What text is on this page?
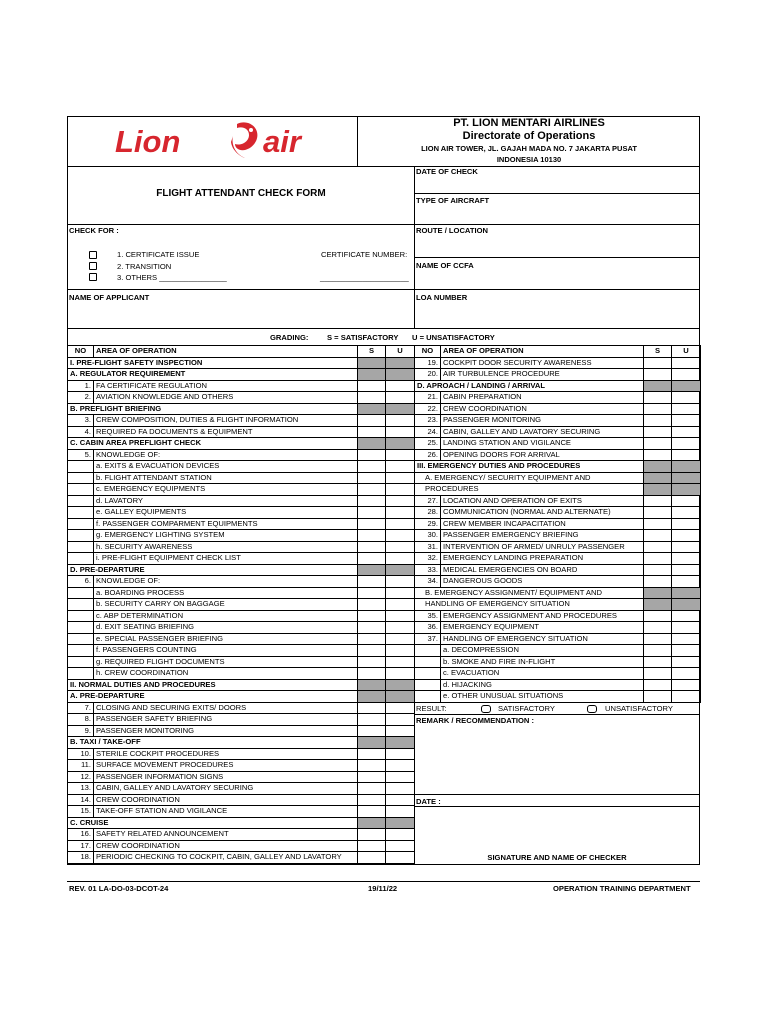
Lion	air
PT. LION MENTARI AIRLINES
Directorate of Operations
LION AIR TOWER, JL. GAJAH MADA NO. 7 JAKARTA PUSAT
INDONESIA 10130
FLIGHT ATTENDANT CHECK FORM
CHECK FOR :
1. CERTIFICATE ISSUE
2. TRANSITION
3. OTHERS ________________
CERTIFICATE NUMBER:
_____________________
NAME OF APPLICANT
DATE OF CHECK
TYPE OF AIRCRAFT
ROUTE / LOCATION
NAME OF CCFA
LOA NUMBER
GRADING: S = SATISFACTORY U = UNSATISFACTORY
NO	AREA OF OPERATION	S	U
I. PRE-FLIGHT SAFETY INSPECTION			
A. REGULATOR REQUIREMENT			
1.	FA CERTIFICATE REGULATION		
2.	AVIATION KNOWLEDGE AND OTHERS		
B. PREFLIGHT BRIEFING			
3.	CREW COMPOSITION, DUTIES & FLIGHT INFORMATION		
4.	REQUIRED FA DOCUMENTS & EQUIPMENT		
C. CABIN AREA PREFLIGHT CHECK			
5.	KNOWLEDGE OF:		
	a. EXITS & EVACUATION DEVICES		
	b. FLIGHT ATTENDANT STATION		
	c. EMERGENCY EQUIPMENTS		
	d. LAVATORY		
	e. GALLEY EQUIPMENTS		
	f. PASSENGER COMPARMENT EQUIPMENTS		
	g. EMERGENCY LIGHTING SYSTEM		
	h. SECURITY AWARENESS		
	i. PRE-FLIGHT EQUIPMENT CHECK LIST		
D. PRE-DEPARTURE			
6.	KNOWLEDGE OF:		
	a. BOARDING PROCESS		
	b. SECURITY CARRY ON BAGGAGE		
	c. ABP DETERMINATION		
	d. EXIT SEATING BRIEFING		
	e. SPECIAL PASSENGER BRIEFING		
	f. PASSENGERS COUNTING		
	g. REQUIRED FLIGHT DOCUMENTS		
	h. CREW COORDINATION		
II. NORMAL DUTIES AND PROCEDURES			
A. PRE-DEPARTURE			
7.	CLOSING AND SECURING EXITS/ DOORS		
8.	PASSENGER SAFETY BRIEFING		
9.	PASSENGER MONITORING		
B. TAXI / TAKE-OFF			
10.	STERILE COCKPIT PROCEDURES		
11.	SURFACE MOVEMENT PROCEDURES		
12.	PASSENGER INFORMATION SIGNS		
13.	CABIN, GALLEY AND LAVATORY SECURING		
14.	CREW COORDINATION		
15.	TAKE-OFF STATION AND VIGILANCE		
C. CRUISE			
16.	SAFETY RELATED ANNOUNCEMENT		
17.	CREW COORDINATION		
18.	PERIODIC CHECKING TO COCKPIT, CABIN, GALLEY AND LAVATORY		
NO	AREA OF OPERATION	S	U
19.	COCKPIT DOOR SECURITY AWARENESS		
20.	AIR TURBULENCE PROCEDURE		
D. APROACH / LANDING / ARRIVAL			
21.	CABIN PREPARATION		
22.	CREW COORDINATION		
23.	PASSENGER MONITORING		
24.	CABIN, GALLEY AND LAVATORY SECURING		
25.	LANDING STATION AND VIGILANCE		
26.	OPENING DOORS FOR ARRIVAL		
III. EMERGENCY DUTIES AND PROCEDURES			
A. EMERGENCY/ SECURITY EQUIPMENT AND			
PROCEDURES			
27.	LOCATION AND OPERATION OF EXITS		
28.	COMMUNICATION (NORMAL AND ALTERNATE)		
29.	CREW MEMBER INCAPACITATION		
30.	PASSENGER EMERGENCY BRIEFING		
31.	INTERVENTION OF ARMED/ UNRULY PASSENGER		
32.	EMERGENCY LANDING PREPARATION		
33.	MEDICAL EMERGENCIES ON BOARD		
34.	DANGEROUS GOODS		
B. EMERGENCY ASSIGNMENT/ EQUIPMENT AND			
HANDLING OF EMERGENCY SITUATION			
35.	EMERGENCY ASSIGNMENT AND PROCEDURES		
36.	EMERGENCY EQUIPMENT		
37.	HANDLING OF EMERGENCY SITUATION		
	a. DECOMPRESSION		
	b. SMOKE AND FIRE IN-FLIGHT		
	c. EVACUATION		
	d. HIJACKING		
	e. OTHER UNUSUAL SITUATIONS		
RESULT:	SATISFACTORY	UNSATISFACTORY
REMARK / RECOMMENDATION :
DATE :
SIGNATURE AND NAME OF CHECKER
REV. 01 LA-DO-03-DCOT-24	19/11/22	OPERATION TRAINING DEPARTMENT
